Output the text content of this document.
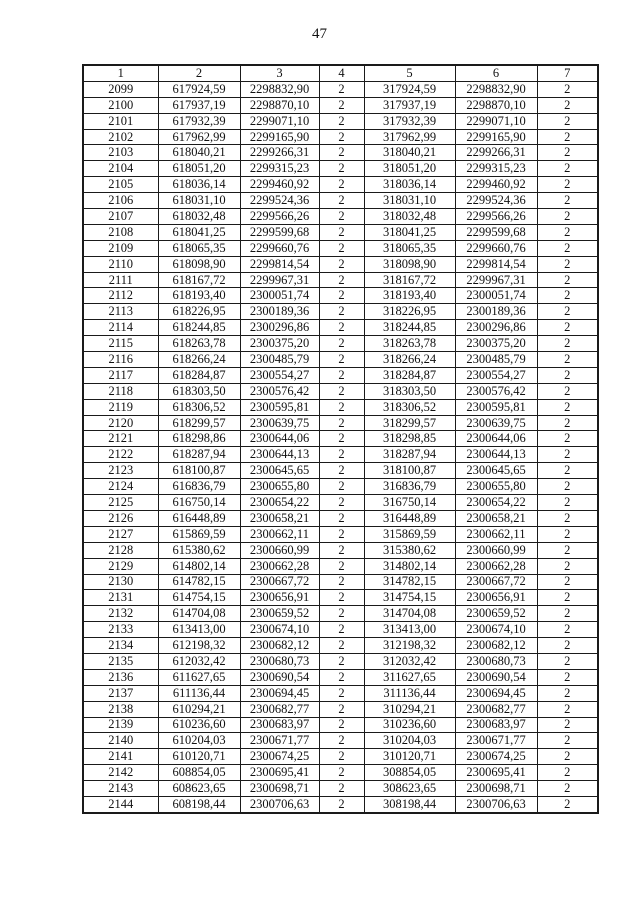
47
1	2	3	4	5	6	7
2099	617924,59	2298832,90	2	317924,59	2298832,90	2
2100	617937,19	2298870,10	2	317937,19	2298870,10	2
2101	617932,39	2299071,10	2	317932,39	2299071,10	2
2102	617962,99	2299165,90	2	317962,99	2299165,90	2
2103	618040,21	2299266,31	2	318040,21	2299266,31	2
2104	618051,20	2299315,23	2	318051,20	2299315,23	2
2105	618036,14	2299460,92	2	318036,14	2299460,92	2
2106	618031,10	2299524,36	2	318031,10	2299524,36	2
2107	618032,48	2299566,26	2	318032,48	2299566,26	2
2108	618041,25	2299599,68	2	318041,25	2299599,68	2
2109	618065,35	2299660,76	2	318065,35	2299660,76	2
2110	618098,90	2299814,54	2	318098,90	2299814,54	2
2111	618167,72	2299967,31	2	318167,72	2299967,31	2
2112	618193,40	2300051,74	2	318193,40	2300051,74	2
2113	618226,95	2300189,36	2	318226,95	2300189,36	2
2114	618244,85	2300296,86	2	318244,85	2300296,86	2
2115	618263,78	2300375,20	2	318263,78	2300375,20	2
2116	618266,24	2300485,79	2	318266,24	2300485,79	2
2117	618284,87	2300554,27	2	318284,87	2300554,27	2
2118	618303,50	2300576,42	2	318303,50	2300576,42	2
2119	618306,52	2300595,81	2	318306,52	2300595,81	2
2120	618299,57	2300639,75	2	318299,57	2300639,75	2
2121	618298,86	2300644,06	2	318298,85	2300644,06	2
2122	618287,94	2300644,13	2	318287,94	2300644,13	2
2123	618100,87	2300645,65	2	318100,87	2300645,65	2
2124	616836,79	2300655,80	2	316836,79	2300655,80	2
2125	616750,14	2300654,22	2	316750,14	2300654,22	2
2126	616448,89	2300658,21	2	316448,89	2300658,21	2
2127	615869,59	2300662,11	2	315869,59	2300662,11	2
2128	615380,62	2300660,99	2	315380,62	2300660,99	2
2129	614802,14	2300662,28	2	314802,14	2300662,28	2
2130	614782,15	2300667,72	2	314782,15	2300667,72	2
2131	614754,15	2300656,91	2	314754,15	2300656,91	2
2132	614704,08	2300659,52	2	314704,08	2300659,52	2
2133	613413,00	2300674,10	2	313413,00	2300674,10	2
2134	612198,32	2300682,12	2	312198,32	2300682,12	2
2135	612032,42	2300680,73	2	312032,42	2300680,73	2
2136	611627,65	2300690,54	2	311627,65	2300690,54	2
2137	611136,44	2300694,45	2	311136,44	2300694,45	2
2138	610294,21	2300682,77	2	310294,21	2300682,77	2
2139	610236,60	2300683,97	2	310236,60	2300683,97	2
2140	610204,03	2300671,77	2	310204,03	2300671,77	2
2141	610120,71	2300674,25	2	310120,71	2300674,25	2
2142	608854,05	2300695,41	2	308854,05	2300695,41	2
2143	608623,65	2300698,71	2	308623,65	2300698,71	2
2144	608198,44	2300706,63	2	308198,44	2300706,63	2
